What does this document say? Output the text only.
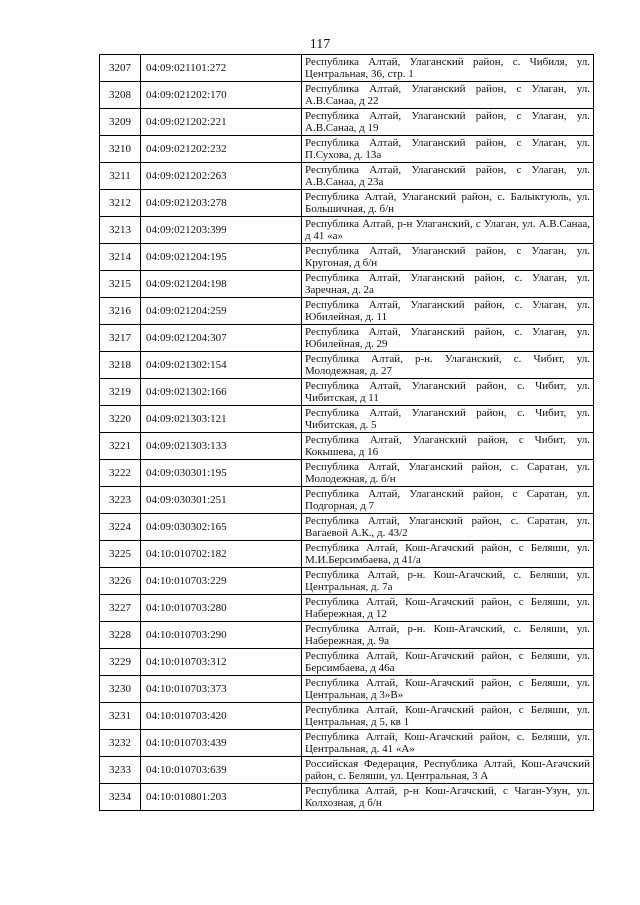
117
3207	04:09:021101:272	Республика Алтай, Улаганский район, с. Чибиля, ул. Центральная, 36, стр. 1
3208	04:09:021202:170	Республика Алтай, Улаганский район, с Улаган, ул. А.В.Санаа, д 22
3209	04:09:021202:221	Республика Алтай, Улаганский район, с Улаган, ул. А.В.Санаа, д 19
3210	04:09:021202:232	Республика Алтай, Улаганский район, с Улаган, ул. П.Сухова, д. 13а
3211	04:09:021202:263	Республика Алтай, Улаганский район, с Улаган, ул. А.В.Санаа, д 23а
3212	04:09:021203:278	Республика Алтай, Улаганский район, с. Балыктуюль, ул. Большичная, д. б/н
3213	04:09:021203:399	Республика Алтай, р-н Улаганский, с Улаган, ул. А.В.Санаа, д 41 «а»
3214	04:09:021204:195	Республика Алтай, Улаганский район, с Улаган, ул. Кругоная, д б/н
3215	04:09:021204:198	Республика Алтай, Улаганский район, с. Улаган, ул. Заречная, д. 2а
3216	04:09:021204:259	Республика Алтай, Улаганский район, с. Улаган, ул. Юбилейная, д. 11
3217	04:09:021204:307	Республика Алтай, Улаганский район, с. Улаган, ул. Юбилейная, д. 29
3218	04:09:021302:154	Республика Алтай, р-н. Улаганский, с. Чибит, ул. Молодежная, д. 27
3219	04:09:021302:166	Республика Алтай, Улаганский район, с. Чибит, ул. Чибитская, д 11
3220	04:09:021303:121	Республика Алтай, Улаганский район, с. Чибит, ул. Чибитская, д. 5
3221	04:09:021303:133	Республика Алтай, Улаганский район, с Чибит, ул. Кокышева, д 16
3222	04:09:030301:195	Республика Алтай, Улаганский район, с. Саратан, ул. Молодежная, д. б/н
3223	04:09:030301:251	Республика Алтай, Улаганский район, с Саратан, ул. Подгорная, д 7
3224	04:09:030302:165	Республика Алтай, Улаганский район, с. Саратан, ул. Вагаевой А.К., д. 43/2
3225	04:10:010702:182	Республика Алтай, Кош-Агачский район, с Беляши, ул. М.И.Берсимбаева, д 41/а
3226	04:10:010703:229	Республика Алтай, р-н. Кош-Агачский, с. Беляши, ул. Центральная, д. 7а
3227	04:10:010703:280	Республика Алтай, Кош-Агачский район, с Беляши, ул. Набережная, д 12
3228	04:10:010703:290	Республика Алтай, р-н. Кош-Агачский, с. Беляши, ул. Набережная, д. 9а
3229	04:10:010703:312	Республика Алтай, Кош-Агачский район, с Беляши, ул. Берсимбаева, д 46а
3230	04:10:010703:373	Республика Алтай, Кош-Агачский район, с Беляши, ул. Центральная, д 3»В»
3231	04:10:010703:420	Республика Алтай, Кош-Агачский район, с Беляши, ул. Центральная, д 5, кв 1
3232	04:10:010703:439	Республика Алтай, Кош-Агачский район, с. Беляши, ул. Центральная, д. 41 «А»
3233	04:10:010703:639	Российская Федерация, Республика Алтай, Кош-Агачский район, с. Беляши, ул. Центральная, 3 А
3234	04:10:010801:203	Республика Алтай, р-н Кош-Агачский, с Чаган-Узун, ул. Колхозная, д б/н
